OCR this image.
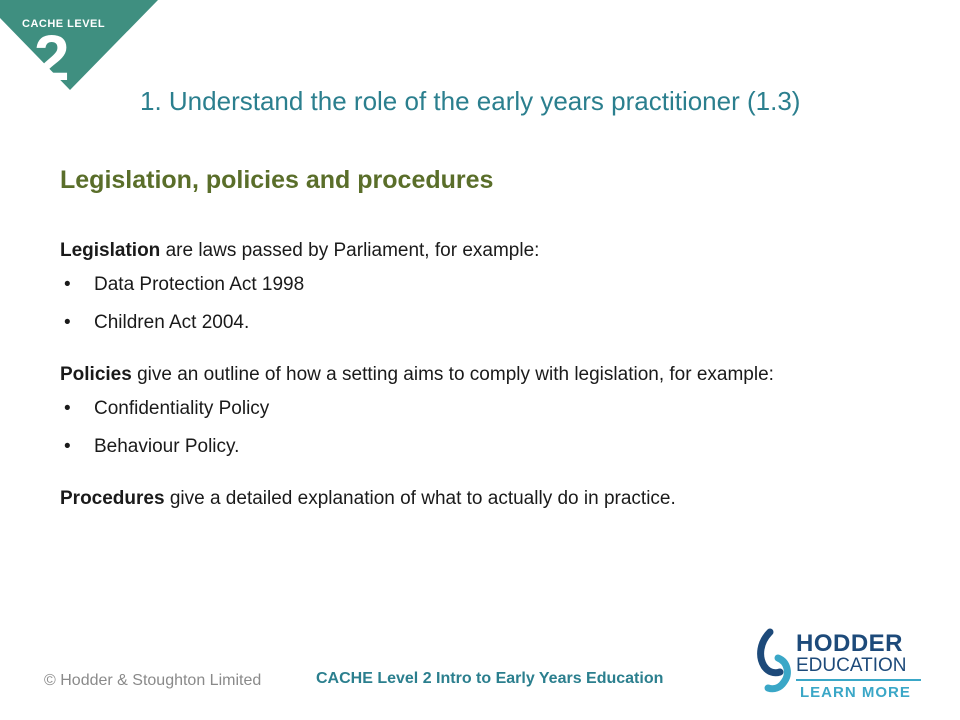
CACHE LEVEL
2
1. Understand the role of the early years practitioner (1.3)
Legislation, policies and procedures

Legislation are laws passed by Parliament, for example:

• Data Protection Act 1998
• Children Act 2004.

Policies give an outline of how a setting aims to comply with legislation, for example:

• Confidentiality Policy
• Behaviour Policy.

Procedures give a detailed explanation of what to actually do in practice.

© Hodder & Stoughton Limited	CACHE Level 2 Intro to Early Years Education
HODDER
EDUCATION
LEARN MORE
